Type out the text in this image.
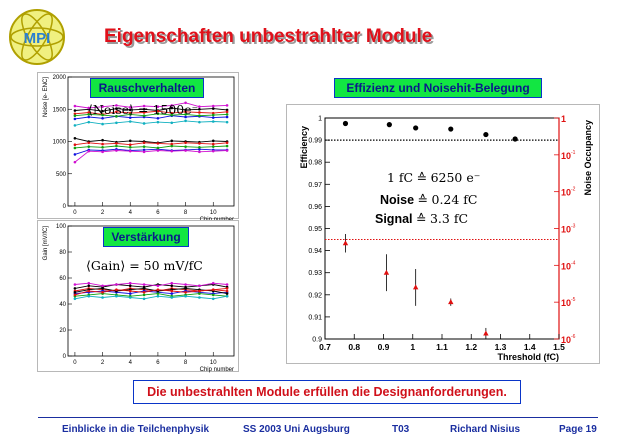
MPI	Eigenschaften unbestrahlter Module
0
500
1000
1500
2000
0	2	4	6	8	10
Noise [e- ENC]	Rauschverhalten
⟨Noise⟩ = 1500e⁻
0
20
40
60
80
100
0	2	4	6	8	10
Chip number
Gain [mV/fC]	Verstärkung
⟨Gain⟩ = 50 mV/fC
0.9
0.91
0.92
0.93
0.94
0.95
0.96
0.97
0.98
0.99
1
0.7 0.8 0.9 1 1.1 1.2 1.3 1.4 1.5
1
10 -1
10 -2
10 -3
10 -4
10 -5
10 -6
Threshold (fC)
Efficiency	Noise Occupancy
Effizienz und Noisehit-Belegung
1 fC ≙ 6250 e⁻
Noise ≙ 0.24 fC
Signal ≙ 3.3 fC
Die unbestrahlten Module erfüllen die Designanforderungen.
Einblicke in die Teilchenphysik	SS 2003 Uni Augsburg	T03	Richard Nisius	Page 19
